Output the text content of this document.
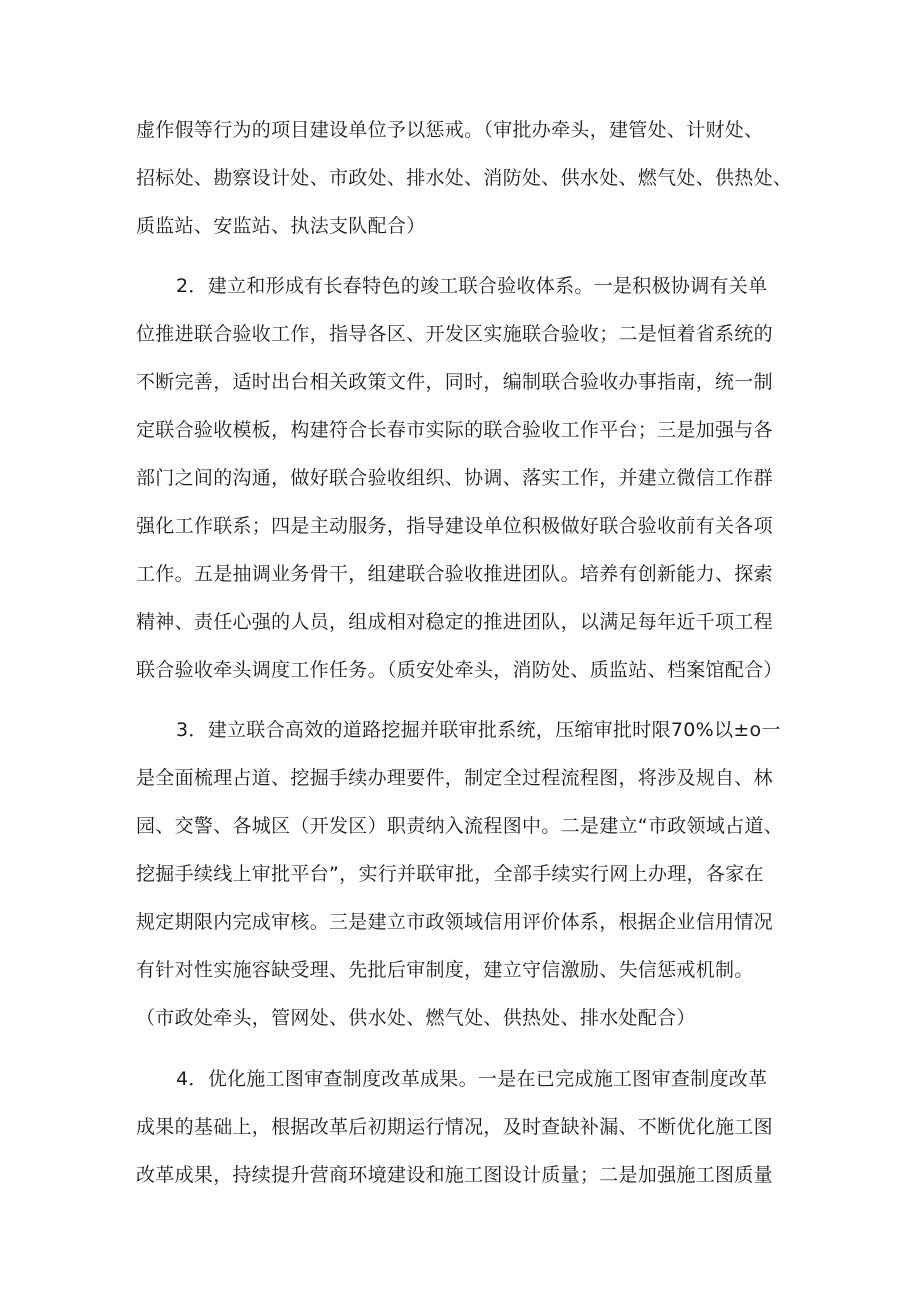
虚作假等行为的项目建设单位予以惩戒。（审批办牵头，建管处、计财处、
招标处、勘察设计处、市政处、排水处、消防处、供水处、燃气处、供热处、
质监站、安监站、执法支队配合）
2．建立和形成有长春特色的竣工联合验收体系。一是积极协调有关单
位推进联合验收工作，指导各区、开发区实施联合验收；二是恒着省系统的
不断完善，适时出台相关政策文件，同时，编制联合验收办事指南，统一制
定联合验收模板，构建符合长春市实际的联合验收工作平台；三是加强与各
部门之间的沟通，做好联合验收组织、协调、落实工作，并建立微信工作群
强化工作联系；四是主动服务，指导建设单位积极做好联合验收前有关各项
工作。五是抽调业务骨干，组建联合验收推进团队。培养有创新能力、探索
精神、责任心强的人员，组成相对稳定的推进团队，以满足每年近千项工程
联合验收牵头调度工作任务。（质安处牵头，消防处、质监站、档案馆配合）
3．建立联合高效的道路挖掘并联审批系统，压缩审批时限70%以±o一
是全面梳理占道、挖掘手续办理要件，制定全过程流程图，将涉及规自、林
园、交警、各城区（开发区）职责纳入流程图中。二是建立“市政领域占道、
挖掘手续线上审批平台”，实行并联审批，全部手续实行网上办理，各家在
规定期限内完成审核。三是建立市政领域信用评价体系，根据企业信用情况
有针对性实施容缺受理、先批后审制度，建立守信激励、失信惩戒机制。
（市政处牵头，管网处、供水处、燃气处、供热处、排水处配合）
4．优化施工图审查制度改革成果。一是在已完成施工图审查制度改革
成果的基础上，根据改革后初期运行情况，及时查缺补漏、不断优化施工图
改革成果，持续提升营商环境建设和施工图设计质量；二是加强施工图质量
